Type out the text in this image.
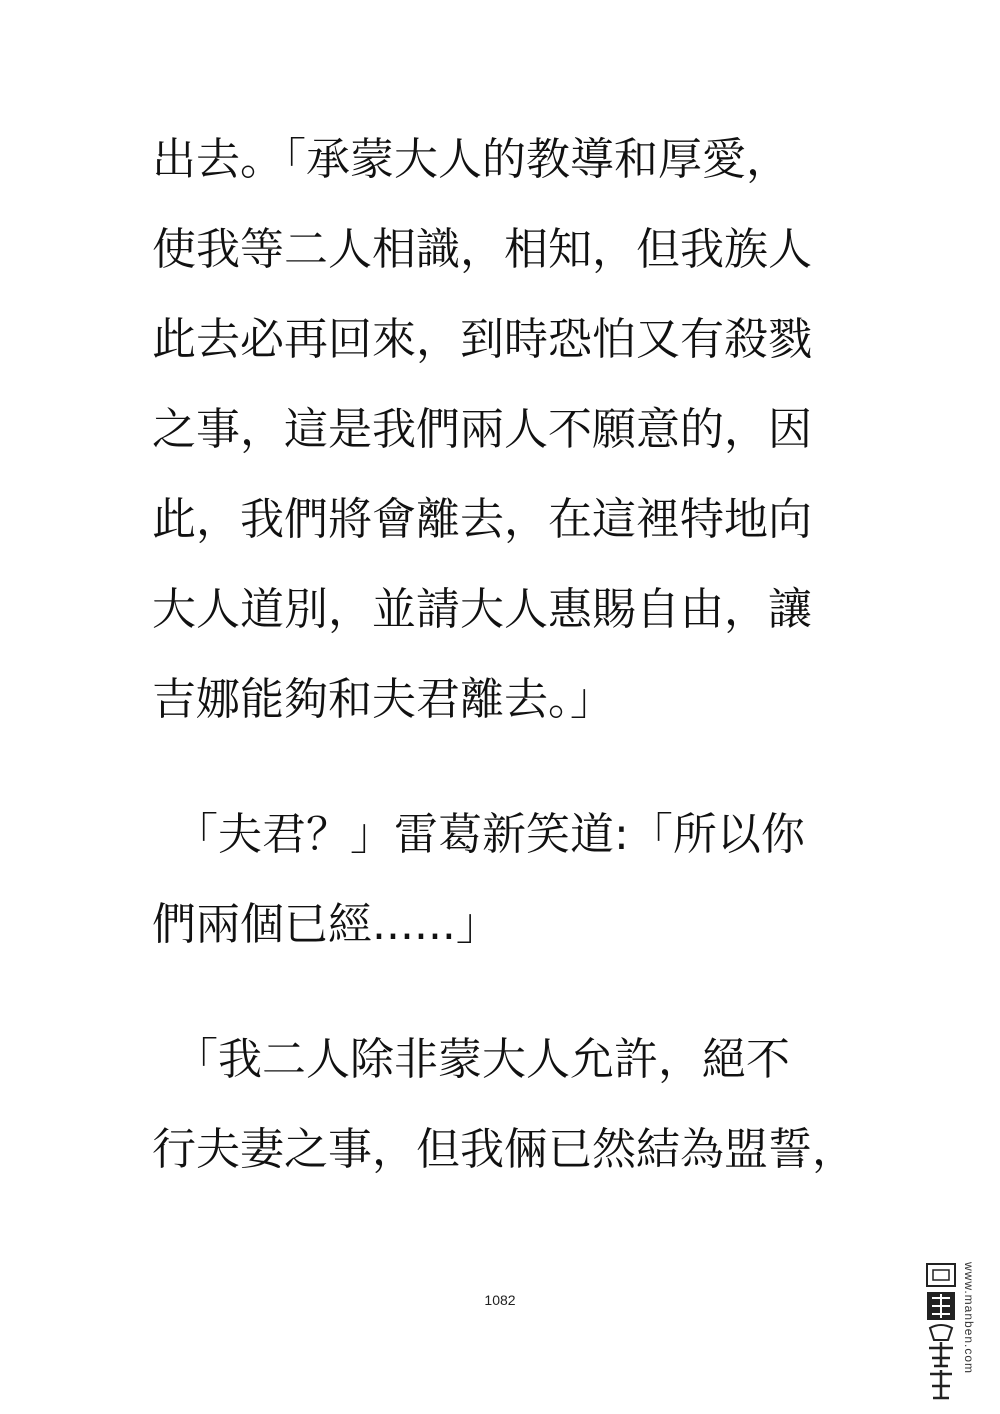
出去。「承蒙大人的教導和厚愛，
使我等二人相識，相知，但我族人
此去必再回來，到時恐怕又有殺戮
之事，這是我們兩人不願意的，因
此，我們將會離去，在這裡特地向
大人道別，並請大人惠賜自由，讓
吉娜能夠和夫君離去。」
　「夫君？」雷葛新笑道:「所以你
們兩個已經......」
　「我二人除非蒙大人允許，絕不
行夫妻之事，但我倆已然結為盟誓，
1082	www.manben.com
